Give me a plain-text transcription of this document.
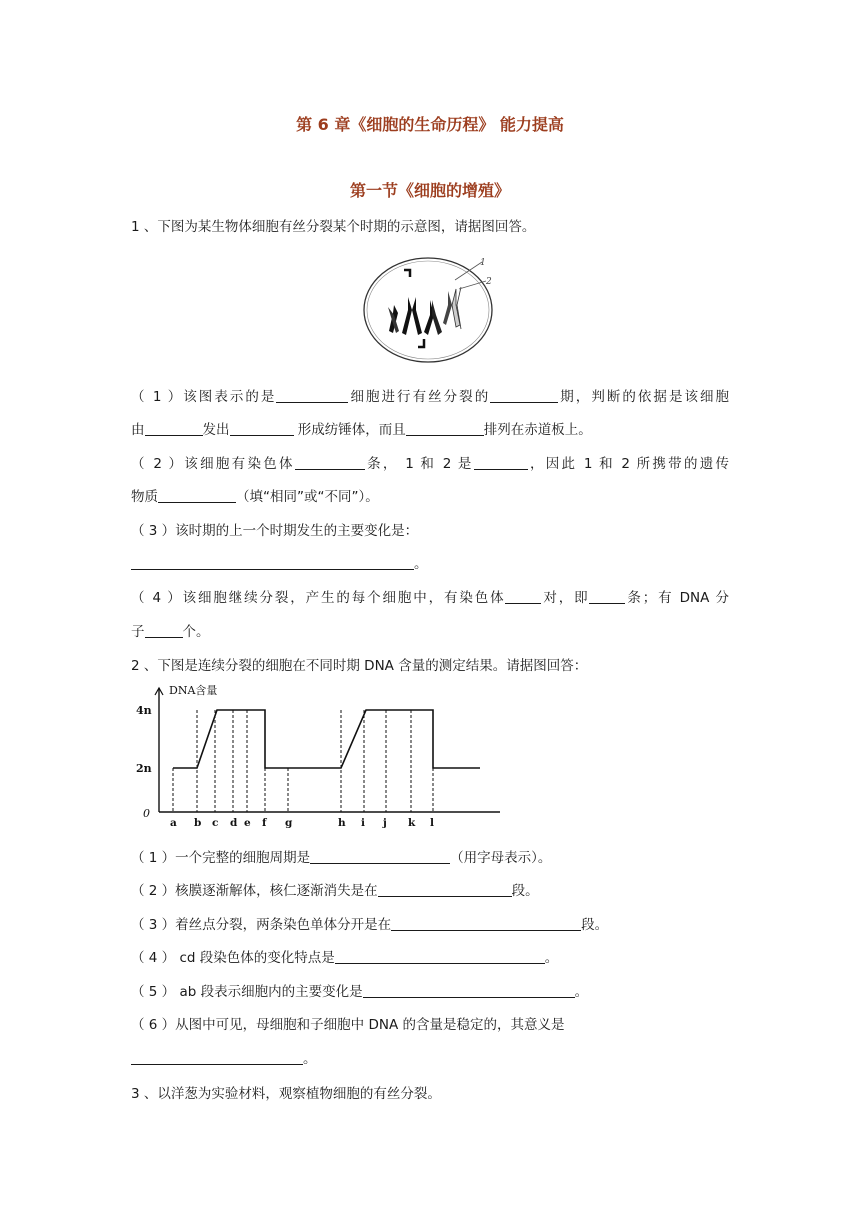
第 6 章《细胞的生命历程》 能力提高
第一节《细胞的增殖》
1 、下图为某生物体细胞有丝分裂某个时期的示意图，请据图回答。
1
2
（ 1 ）该图表示的是	细胞进行有丝分裂的	期，判断的依据是该细胞
由	发出	形成纺锤体，而且	排列在赤道板上。
（ 2 ）该细胞有染色体	条， 1 和 2 是	，因此 1 和 2 所携带的遗传
物质	（填“相同”或“不同”）。
（ 3 ）该时期的上一个时期发生的主要变化是：
。
（ 4 ）该细胞继续分裂，产生的每个细胞中，有染色体	对，即	条；有 DNA 分
子	个。
2 、下图是连续分裂的细胞在不同时期 DNA 含量的测定结果。请据图回答：
DNA含量
0
2n
4n
a b c d e f g	h i j k l
（ 1 ）一个完整的细胞周期是	（用字母表示）。
（ 2 ）核膜逐渐解体，核仁逐渐消失是在	段。
（ 3 ）着丝点分裂，两条染色单体分开是在	段。
（ 4 ） cd 段染色体的变化特点是	。
（ 5 ） ab 段表示细胞内的主要变化是	。
（ 6 ）从图中可见，母细胞和子细胞中 DNA 的含量是稳定的，其意义是
。
3 、以洋葱为实验材料，观察植物细胞的有丝分裂。
